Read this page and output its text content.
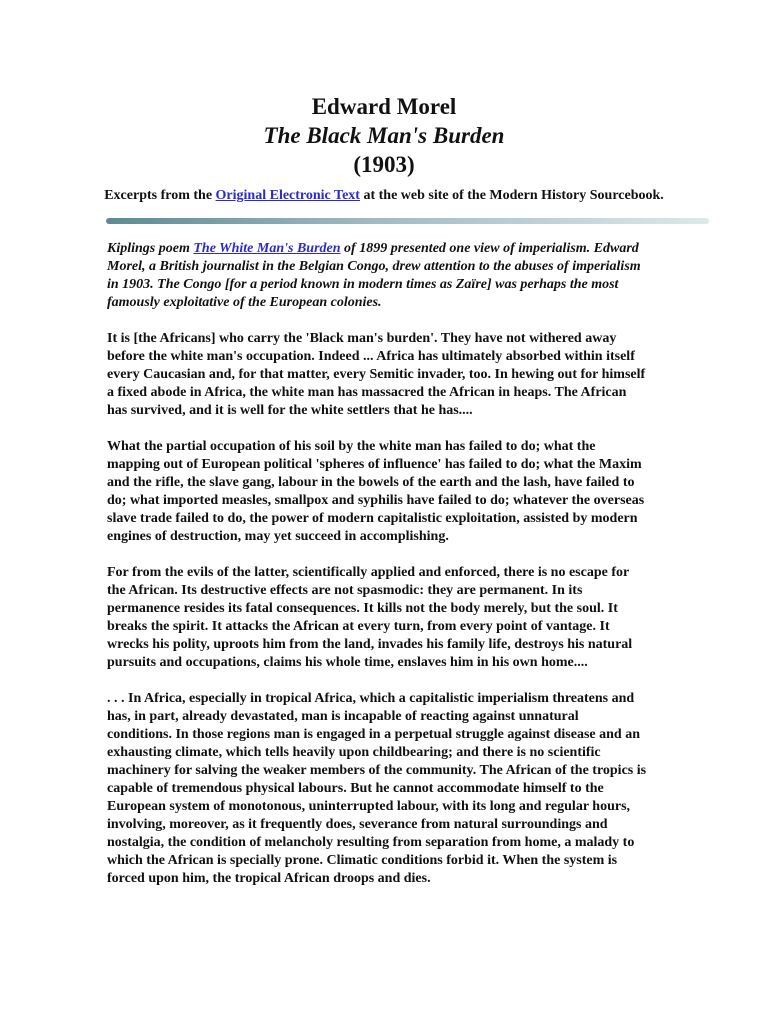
Edward Morel
The Black Man's Burden
(1903)
Excerpts from the Original Electronic Text at the web site of the Modern History Sourcebook.

Kiplings poem The White Man's Burden of 1899 presented one view of imperialism. Edward Morel, a British journalist in the Belgian Congo, drew attention to the abuses of imperialism in 1903. The Congo [for a period known in modern times as Zaïre] was perhaps the most famously exploitative of the European colonies.

It is [the Africans] who carry the 'Black man's burden'. They have not withered away before the white man's occupation. Indeed ... Africa has ultimately absorbed within itself every Caucasian and, for that matter, every Semitic invader, too. In hewing out for himself a fixed abode in Africa, the white man has massacred the African in heaps. The African has survived, and it is well for the white settlers that he has....

What the partial occupation of his soil by the white man has failed to do; what the mapping out of European political 'spheres of influence' has failed to do; what the Maxim and the rifle, the slave gang, labour in the bowels of the earth and the lash, have failed to do; what imported measles, smallpox and syphilis have failed to do; whatever the overseas slave trade failed to do, the power of modern capitalistic exploitation, assisted by modern engines of destruction, may yet succeed in accomplishing.

For from the evils of the latter, scientifically applied and enforced, there is no escape for the African. Its destructive effects are not spasmodic: they are permanent. In its permanence resides its fatal consequences. It kills not the body merely, but the soul. It breaks the spirit. It attacks the African at every turn, from every point of vantage. It wrecks his polity, uproots him from the land, invades his family life, destroys his natural pursuits and occupations, claims his whole time, enslaves him in his own home....

. . . In Africa, especially in tropical Africa, which a capitalistic imperialism threatens and has, in part, already devastated, man is incapable of reacting against unnatural conditions. In those regions man is engaged in a perpetual struggle against disease and an exhausting climate, which tells heavily upon childbearing; and there is no scientific machinery for salving the weaker members of the community. The African of the tropics is capable of tremendous physical labours. But he cannot accommodate himself to the European system of monotonous, uninterrupted labour, with its long and regular hours, involving, moreover, as it frequently does, severance from natural surroundings and nostalgia, the condition of melancholy resulting from separation from home, a malady to which the African is specially prone. Climatic conditions forbid it. When the system is forced upon him, the tropical African droops and dies.
